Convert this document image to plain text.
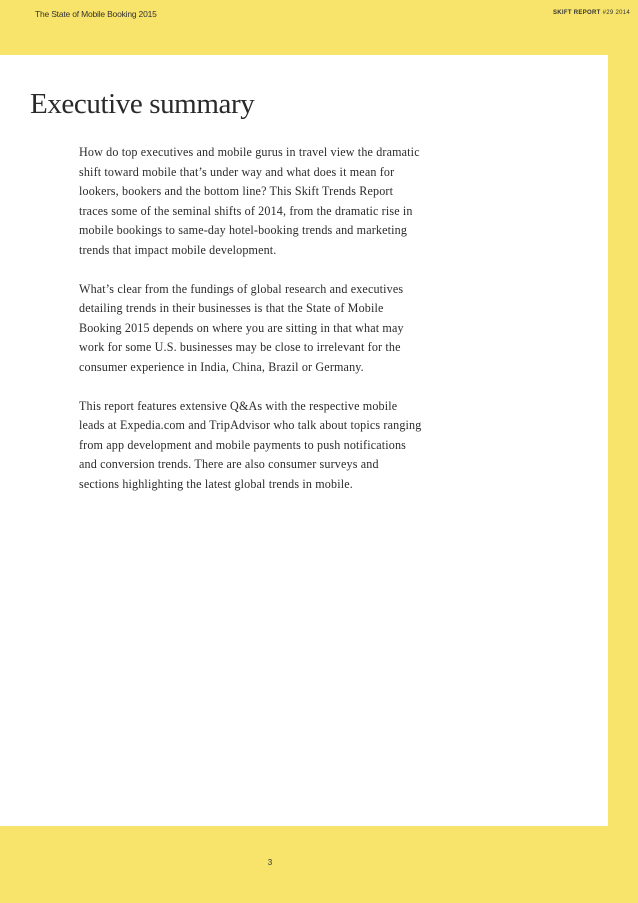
The State of Mobile Booking 2015	SKIFT REPORT #29 2014
Executive summary

How do top executives and mobile gurus in travel view the dramatic
shift toward mobile that’s under way and what does it mean for
lookers, bookers and the bottom line? This Skift Trends Report
traces some of the seminal shifts of 2014, from the dramatic rise in
mobile bookings to same-day hotel-booking trends and marketing
trends that impact mobile development.

What’s clear from the fundings of global research and executives
detailing trends in their businesses is that the State of Mobile
Booking 2015 depends on where you are sitting in that what may
work for some U.S. businesses may be close to irrelevant for the
consumer experience in India, China, Brazil or Germany.

This report features extensive Q&As with the respective mobile
leads at Expedia.com and TripAdvisor who talk about topics ranging
from app development and mobile payments to push notifications
and conversion trends. There are also consumer surveys and
sections highlighting the latest global trends in mobile.

3
